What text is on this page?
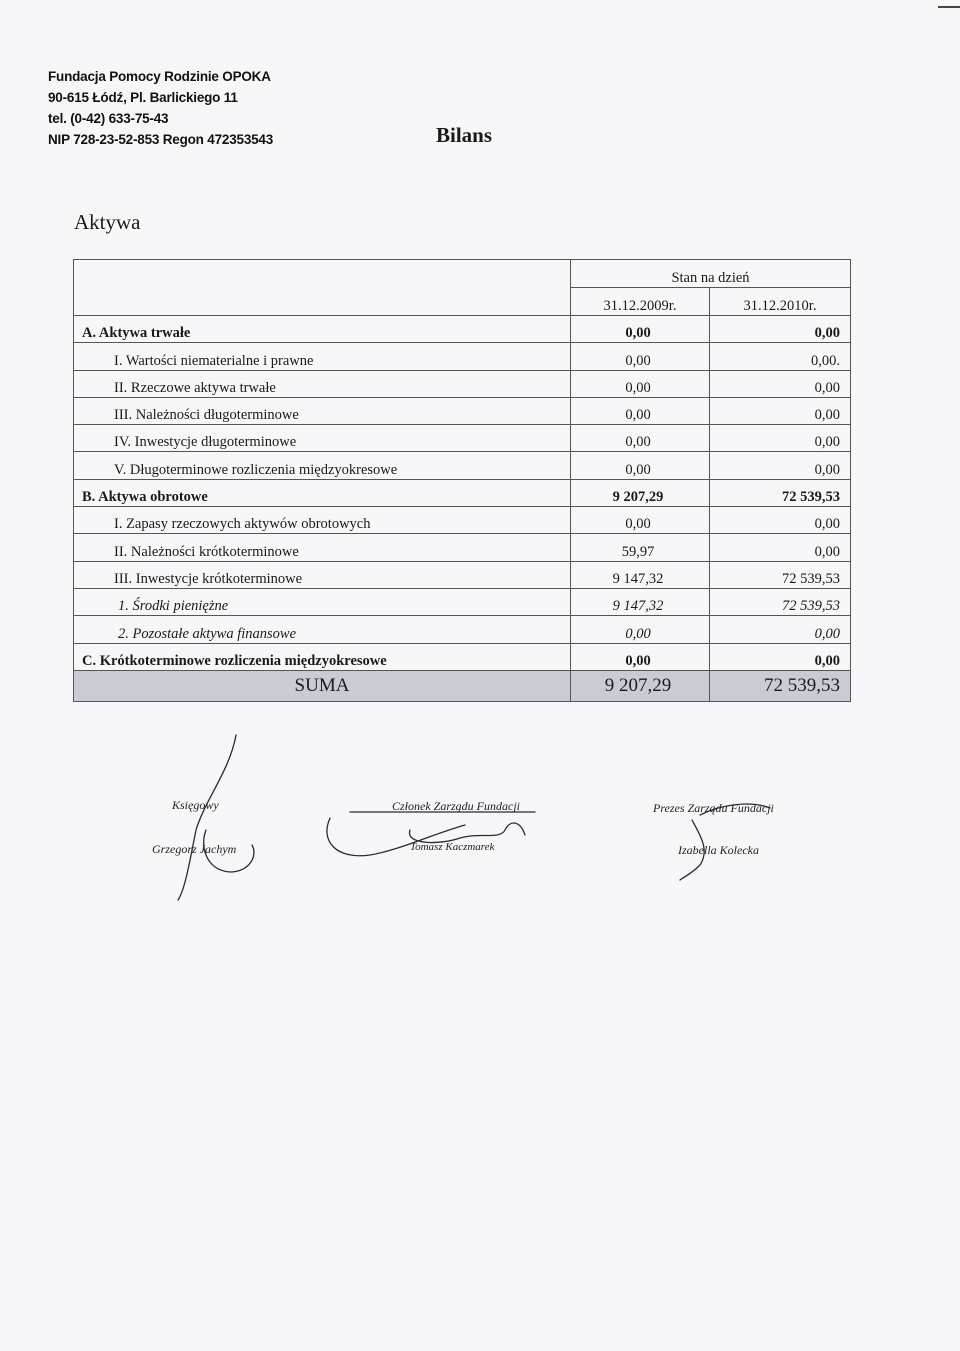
Fundacja Pomocy Rodzinie OPOKA
90-615 Łódź, Pl. Barlickiego 11
tel. (0-42) 633-75-43
NIP 728-23-52-853 Regon 472353543	Bilans
Aktywa
	Stan na dzień	
	31.12.2009r.	31.12.2010r.
A. Aktywa trwałe	0,00	0,00
I. Wartości niematerialne i prawne	0,00	0,00.
II. Rzeczowe aktywa trwałe	0,00	0,00
III. Należności długoterminowe	0,00	0,00
IV. Inwestycje długoterminowe	0,00	0,00
V. Długoterminowe rozliczenia międzyokresowe	0,00	0,00
B. Aktywa obrotowe	9 207,29	72 539,53
I. Zapasy rzeczowych aktywów obrotowych	0,00	0,00
II. Należności krótkoterminowe	59,97	0,00
III. Inwestycje krótkoterminowe	9 147,32	72 539,53
1. Środki pieniężne	9 147,32	72 539,53
2. Pozostałe aktywa finansowe	0,00	0,00
C. Krótkoterminowe rozliczenia międzyokresowe	0,00	0,00
SUMA	9 207,29	72 539,53
Księgowy
Grzegorz Jachym
Członek Zarządu Fundacji
Tomasz Kaczmarek
Prezes Zarządu Fundacji
Izabella Kolecka
